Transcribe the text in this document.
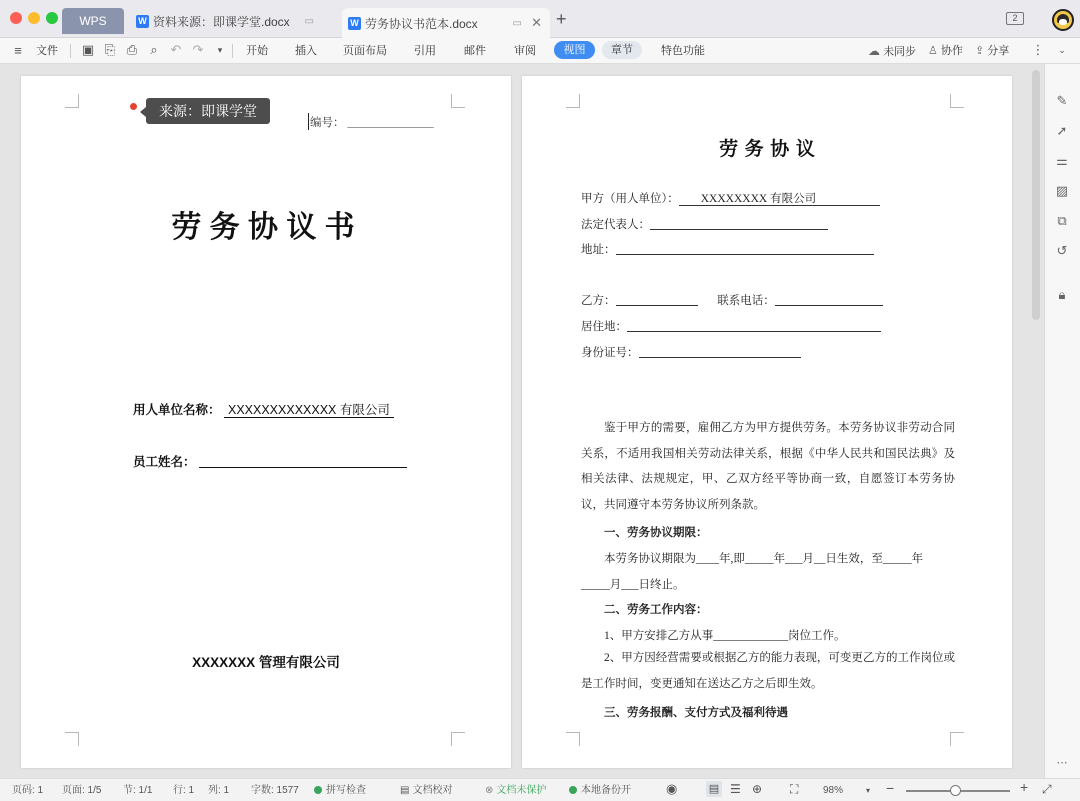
WPS	W 资料来源：即课学堂.docx ▭	W 劳务协议书范本.docx	▭ ✕ +	2
≡	文件 ▣ ⎘ ⎙	⌕ ↶ ↷	▾	开始 插入 页面布局 引用	邮件	审阅	视图	章节	特色功能	☁ 未同步 ♙ 协作 ⇪ 分享 ⋮	⌄
来源：即课学堂
编号： _______________
劳 务 协 议 书
用人单位名称： XXXXXXXXXXXXX 有限公司
员工姓名：
XXXXXXX 管理有限公司
劳 务 协 议
甲方（用人单位）： XXXXXXXX 有限公司
法定代表人：
地址：
乙方：	联系电话：
居住地：
身份证号：
鉴于甲方的需要，雇佣乙方为甲方提供劳务。本劳务协议非劳动合同关系，不适用我国相关劳动法律关系，根据《中华人民共和国民法典》及相关法律、法规规定，甲、乙双方经平等协商一致，自愿签订本劳务协议，共同遵守本劳务协议所列条款。
一、劳务协议期限：
本劳务协议期限为____年,即_____年___月__日生效，至_____年
_____月___日终止。
二、劳务工作内容：
1、甲方安排乙方从事_____________岗位工作。
2、甲方因经营需要或根据乙方的能力表现，可变更乙方的工作岗位或是工作时间，变更通知在送达乙方之后即生效。
三、劳务报酬、支付方式及福利待遇
✎
➚
⚌
▨
⧉
↺
🔒︎
⋯
页码: 1 页面: 1/5 节: 1/1 行: 1 列: 1 字数: 1577	拼写检查	▤ 文档校对	⊗ 文档未保护	本地备份开	◉	▤ ☰ ⊕ ⛶ 98%	▾ −	+ ⤢
